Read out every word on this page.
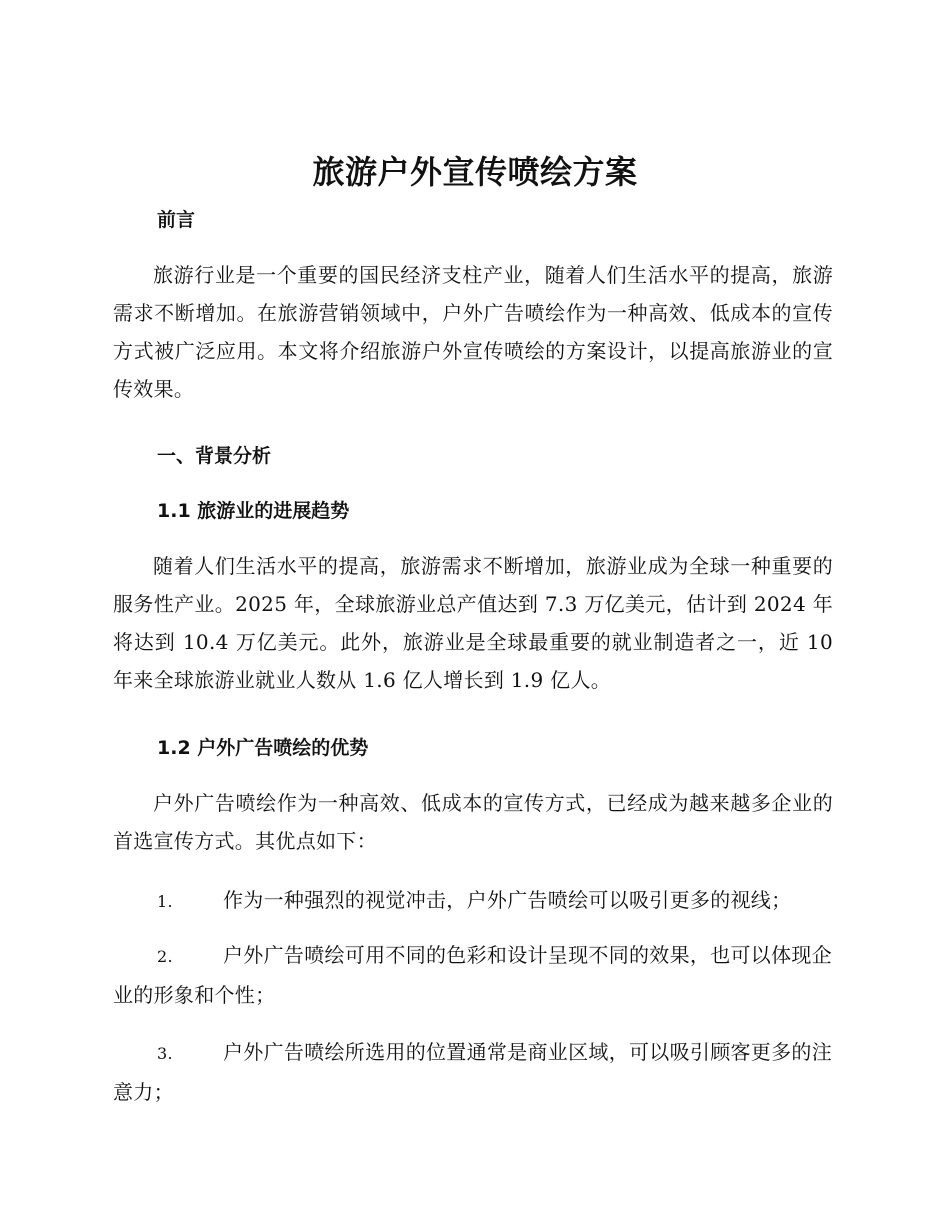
旅游户外宣传喷绘方案
前言

旅游行业是一个重要的国民经济支柱产业，随着人们生活水平的提高，旅游需求不断增加。在旅游营销领域中，户外广告喷绘作为一种高效、低成本的宣传方式被广泛应用。本文将介绍旅游户外宣传喷绘的方案设计，以提高旅游业的宣传效果。

一、背景分析
1.1 旅游业的进展趋势

随着人们生活水平的提高，旅游需求不断增加，旅游业成为全球一种重要的服务性产业。2025 年，全球旅游业总产值达到 7.3 万亿美元，估计到 2024 年将达到 10.4 万亿美元。此外，旅游业是全球最重要的就业制造者之一，近 10 年来全球旅游业就业人数从 1.6 亿人增长到 1.9 亿人。

1.2 户外广告喷绘的优势

户外广告喷绘作为一种高效、低成本的宣传方式，已经成为越来越多企业的首选宣传方式。其优点如下：

1.	作为一种强烈的视觉冲击，户外广告喷绘可以吸引更多的视线；

2.	户外广告喷绘可用不同的色彩和设计呈现不同的效果，也可以体现企业的形象和个性；

3.	户外广告喷绘所选用的位置通常是商业区域，可以吸引顾客更多的注意力；
